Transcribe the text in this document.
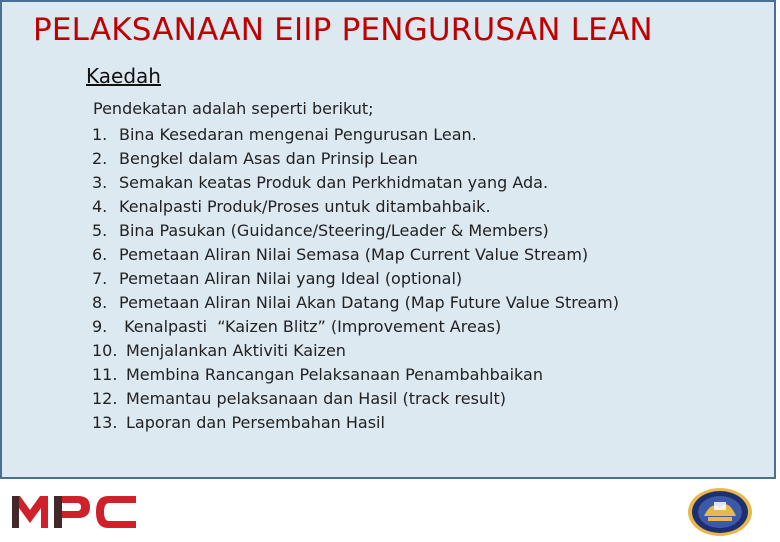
PELAKSANAAN EIIP PENGURUSAN LEAN
Kaedah
Pendekatan adalah seperti berikut;
1. Bina Kesedaran mengenai Pengurusan Lean.
2. Bengkel dalam Asas dan Prinsip Lean
3. Semakan keatas Produk dan Perkhidmatan yang Ada.
4. Kenalpasti Produk/Proses untuk ditambahbaik.
5. Bina Pasukan (Guidance/Steering/Leader & Members)
6. Pemetaan Aliran Nilai Semasa (Map Current Value Stream)
7. Pemetaan Aliran Nilai yang Ideal (optional)
8. Pemetaan Aliran Nilai Akan Datang (Map Future Value Stream)
9. Kenalpasti  “Kaizen Blitz” (Improvement Areas)
10. Menjalankan Aktiviti Kaizen
11. Membina Rancangan Pelaksanaan Penambahbaikan
12. Memantau pelaksanaan dan Hasil (track result)
13. Laporan dan Persembahan Hasil
